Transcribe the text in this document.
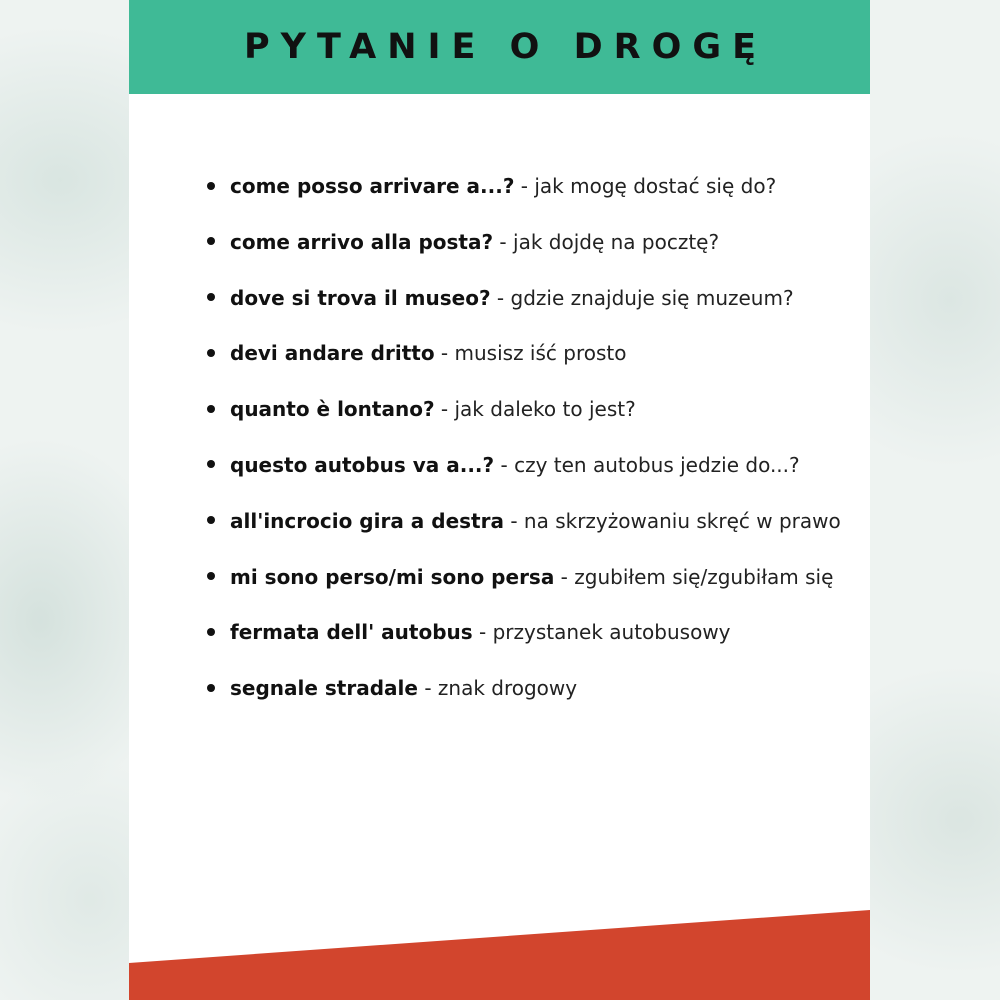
PYTANIE O DROGĘ
come posso arrivare a...? - jak mogę dostać się do?
come arrivo alla posta? - jak dojdę na pocztę?
dove si trova il museo? - gdzie znajduje się muzeum?
devi andare dritto - musisz iść prosto
quanto è lontano? - jak daleko to jest?
questo autobus va a...? - czy ten autobus jedzie do...?
all'incrocio gira a destra - na skrzyżowaniu skręć w prawo
mi sono perso/mi sono persa - zgubiłem się/zgubiłam się
fermata dell' autobus - przystanek autobusowy
segnale stradale - znak drogowy
